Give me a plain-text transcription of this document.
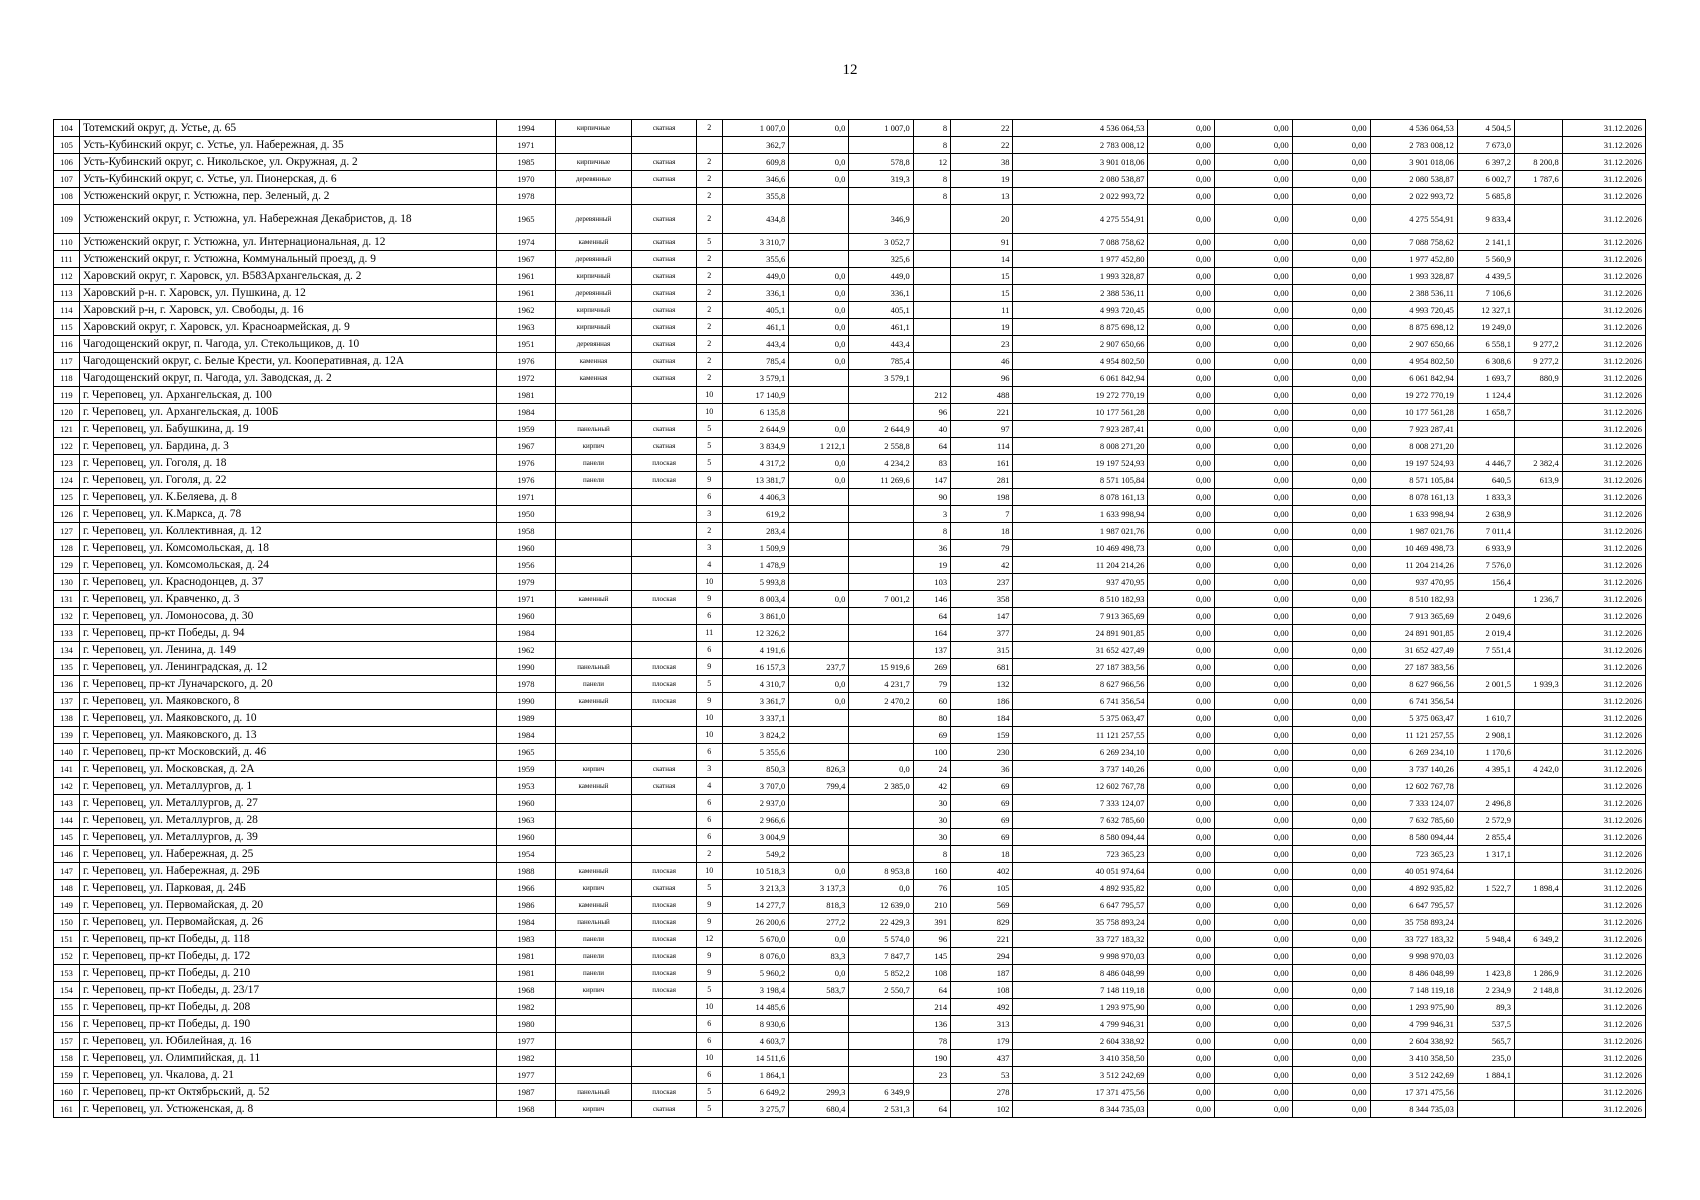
12
104	Тотемский округ, д. Устье, д. 65	1994	кирпичные	скатная	2	1 007,0	0,0	1 007,0	8	22	4 536 064,53	0,00	0,00	0,00	4 536 064,53	4 504,5		31.12.2026
105	Усть-Кубинский округ, с. Устье, ул. Набережная, д. 35	1971				362,7			8	22	2 783 008,12	0,00	0,00	0,00	2 783 008,12	7 673,0		31.12.2026
106	Усть-Кубинский округ, с. Никольское, ул. Окружная, д. 2	1985	кирпичные	скатная	2	609,8	0,0	578,8	12	38	3 901 018,06	0,00	0,00	0,00	3 901 018,06	6 397,2	8 200,8	31.12.2026
107	Усть-Кубинский округ, с. Устье, ул. Пионерская, д. 6	1970	деревянные	скатная	2	346,6	0,0	319,3	8	19	2 080 538,87	0,00	0,00	0,00	2 080 538,87	6 002,7	1 787,6	31.12.2026
108	Устюженский округ, г. Устюжна, пер. Зеленый, д. 2	1978			2	355,8			8	13	2 022 993,72	0,00	0,00	0,00	2 022 993,72	5 685,8		31.12.2026
109	Устюженский округ, г. Устюжна, ул. Набережная Декабристов, д. 18	1965	деревянный	скатная	2	434,8		346,9		20	4 275 554,91	0,00	0,00	0,00	4 275 554,91	9 833,4		31.12.2026
110	Устюженский округ, г. Устюжна, ул. Интернациональная, д. 12	1974	каменный	скатная	5	3 310,7		3 052,7		91	7 088 758,62	0,00	0,00	0,00	7 088 758,62	2 141,1		31.12.2026
111	Устюженский округ, г. Устюжна, Коммунальный проезд, д. 9	1967	деревянный	скатная	2	355,6		325,6		14	1 977 452,80	0,00	0,00	0,00	1 977 452,80	5 560,9		31.12.2026
112	Харовский округ, г. Харовск, ул. В583Архангельская, д. 2	1961	кирпичный	скатная	2	449,0	0,0	449,0		15	1 993 328,87	0,00	0,00	0,00	1 993 328,87	4 439,5		31.12.2026
113	Харовский р-н. г. Харовск, ул. Пушкина, д. 12	1961	деревянный	скатная	2	336,1	0,0	336,1		15	2 388 536,11	0,00	0,00	0,00	2 388 536,11	7 106,6		31.12.2026
114	Харовский р-н, г. Харовск, ул. Свободы, д. 16	1962	кирпичный	скатная	2	405,1	0,0	405,1		11	4 993 720,45	0,00	0,00	0,00	4 993 720,45	12 327,1		31.12.2026
115	Харовский округ, г. Харовск, ул. Красноармейская, д. 9	1963	кирпичный	скатная	2	461,1	0,0	461,1		19	8 875 698,12	0,00	0,00	0,00	8 875 698,12	19 249,0		31.12.2026
116	Чагодощенский округ, п. Чагода, ул. Стекольщиков, д. 10	1951	деревянная	скатная	2	443,4	0,0	443,4		23	2 907 650,66	0,00	0,00	0,00	2 907 650,66	6 558,1	9 277,2	31.12.2026
117	Чагодощенский округ, с. Белые Крести, ул. Кооперативная, д. 12А	1976	каменная	скатная	2	785,4	0,0	785,4		46	4 954 802,50	0,00	0,00	0,00	4 954 802,50	6 308,6	9 277,2	31.12.2026
118	Чагодощенский округ, п. Чагода, ул. Заводская, д. 2	1972	каменная	скатная	2	3 579,1		3 579,1		96	6 061 842,94	0,00	0,00	0,00	6 061 842,94	1 693,7	880,9	31.12.2026
119	г. Череповец, ул. Архангельская, д. 100	1981			10	17 140,9			212	488	19 272 770,19	0,00	0,00	0,00	19 272 770,19	1 124,4		31.12.2026
120	г. Череповец, ул. Архангельская, д. 100Б	1984			10	6 135,8			96	221	10 177 561,28	0,00	0,00	0,00	10 177 561,28	1 658,7		31.12.2026
121	г. Череповец, ул. Бабушкина, д. 19	1959	панельный	скатная	5	2 644,9	0,0	2 644,9	40	97	7 923 287,41	0,00	0,00	0,00	7 923 287,41			31.12.2026
122	г. Череповец, ул. Бардина, д. 3	1967	кирпич	скатная	5	3 834,9	1 212,1	2 558,8	64	114	8 008 271,20	0,00	0,00	0,00	8 008 271,20			31.12.2026
123	г. Череповец, ул. Гоголя, д. 18	1976	панели	плоская	5	4 317,2	0,0	4 234,2	83	161	19 197 524,93	0,00	0,00	0,00	19 197 524,93	4 446,7	2 382,4	31.12.2026
124	г. Череповец, ул. Гоголя, д. 22	1976	панели	плоская	9	13 381,7	0,0	11 269,6	147	281	8 571 105,84	0,00	0,00	0,00	8 571 105,84	640,5	613,9	31.12.2026
125	г. Череповец, ул. К.Беляева, д. 8	1971			6	4 406,3			90	198	8 078 161,13	0,00	0,00	0,00	8 078 161,13	1 833,3		31.12.2026
126	г. Череповец, ул. К.Маркса, д. 78	1950			3	619,2			3	7	1 633 998,94	0,00	0,00	0,00	1 633 998,94	2 638,9		31.12.2026
127	г. Череповец, ул. Коллективная, д. 12	1958			2	283,4			8	18	1 987 021,76	0,00	0,00	0,00	1 987 021,76	7 011,4		31.12.2026
128	г. Череповец, ул. Комсомольская, д. 18	1960			3	1 509,9			36	79	10 469 498,73	0,00	0,00	0,00	10 469 498,73	6 933,9		31.12.2026
129	г. Череповец, ул. Комсомольская, д. 24	1956			4	1 478,9			19	42	11 204 214,26	0,00	0,00	0,00	11 204 214,26	7 576,0		31.12.2026
130	г. Череповец, ул. Краснодонцев, д. 37	1979			10	5 993,8			103	237	937 470,95	0,00	0,00	0,00	937 470,95	156,4		31.12.2026
131	г. Череповец, ул. Кравченко, д. 3	1971	каменный	плоская	9	8 003,4	0,0	7 001,2	146	358	8 510 182,93	0,00	0,00	0,00	8 510 182,93		1 236,7	31.12.2026
132	г. Череповец, ул. Ломоносова, д. 30	1960			6	3 861,0			64	147	7 913 365,69	0,00	0,00	0,00	7 913 365,69	2 049,6		31.12.2026
133	г. Череповец, пр-кт Победы, д. 94	1984			11	12 326,2			164	377	24 891 901,85	0,00	0,00	0,00	24 891 901,85	2 019,4		31.12.2026
134	г. Череповец, ул. Ленина, д. 149	1962			6	4 191,6			137	315	31 652 427,49	0,00	0,00	0,00	31 652 427,49	7 551,4		31.12.2026
135	г. Череповец, ул. Ленинградская, д. 12	1990	панельный	плоская	9	16 157,3	237,7	15 919,6	269	681	27 187 383,56	0,00	0,00	0,00	27 187 383,56			31.12.2026
136	г. Череповец, пр-кт Луначарского, д. 20	1978	панели	плоская	5	4 310,7	0,0	4 231,7	79	132	8 627 966,56	0,00	0,00	0,00	8 627 966,56	2 001,5	1 939,3	31.12.2026
137	г. Череповец, ул. Маяковского, 8	1990	каменный	плоская	9	3 361,7	0,0	2 470,2	60	186	6 741 356,54	0,00	0,00	0,00	6 741 356,54			31.12.2026
138	г. Череповец, ул. Маяковского, д. 10	1989			10	3 337,1			80	184	5 375 063,47	0,00	0,00	0,00	5 375 063,47	1 610,7		31.12.2026
139	г. Череповец, ул. Маяковского, д. 13	1984			10	3 824,2			69	159	11 121 257,55	0,00	0,00	0,00	11 121 257,55	2 908,1		31.12.2026
140	г. Череповец, пр-кт Московский, д. 46	1965			6	5 355,6			100	230	6 269 234,10	0,00	0,00	0,00	6 269 234,10	1 170,6		31.12.2026
141	г. Череповец, ул. Московская, д. 2А	1959	кирпич	скатная	3	850,3	826,3	0,0	24	36	3 737 140,26	0,00	0,00	0,00	3 737 140,26	4 395,1	4 242,0	31.12.2026
142	г. Череповец, ул. Металлургов, д. 1	1953	каменный	скатная	4	3 707,0	799,4	2 385,0	42	69	12 602 767,78	0,00	0,00	0,00	12 602 767,78			31.12.2026
143	г. Череповец, ул. Металлургов, д. 27	1960			6	2 937,0			30	69	7 333 124,07	0,00	0,00	0,00	7 333 124,07	2 496,8		31.12.2026
144	г. Череповец, ул. Металлургов, д. 28	1963			6	2 966,6			30	69	7 632 785,60	0,00	0,00	0,00	7 632 785,60	2 572,9		31.12.2026
145	г. Череповец, ул. Металлургов, д. 39	1960			6	3 004,9			30	69	8 580 094,44	0,00	0,00	0,00	8 580 094,44	2 855,4		31.12.2026
146	г. Череповец, ул. Набережная, д. 25	1954			2	549,2			8	18	723 365,23	0,00	0,00	0,00	723 365,23	1 317,1		31.12.2026
147	г. Череповец, ул. Набережная, д. 29Б	1988	каменный	плоская	10	10 518,3	0,0	8 953,8	160	402	40 051 974,64	0,00	0,00	0,00	40 051 974,64			31.12.2026
148	г. Череповец, ул. Парковая, д. 24Б	1966	кирпич	скатная	5	3 213,3	3 137,3	0,0	76	105	4 892 935,82	0,00	0,00	0,00	4 892 935,82	1 522,7	1 898,4	31.12.2026
149	г. Череповец, ул. Первомайская, д. 20	1986	каменный	плоская	9	14 277,7	818,3	12 639,0	210	569	6 647 795,57	0,00	0,00	0,00	6 647 795,57			31.12.2026
150	г. Череповец, ул. Первомайская, д. 26	1984	панельный	плоская	9	26 200,6	277,2	22 429,3	391	829	35 758 893,24	0,00	0,00	0,00	35 758 893,24			31.12.2026
151	г. Череповец, пр-кт Победы, д. 118	1983	панели	плоская	12	5 670,0	0,0	5 574,0	96	221	33 727 183,32	0,00	0,00	0,00	33 727 183,32	5 948,4	6 349,2	31.12.2026
152	г. Череповец, пр-кт Победы, д. 172	1981	панели	плоская	9	8 076,0	83,3	7 847,7	145	294	9 998 970,03	0,00	0,00	0,00	9 998 970,03			31.12.2026
153	г. Череповец, пр-кт Победы, д. 210	1981	панели	плоская	9	5 960,2	0,0	5 852,2	108	187	8 486 048,99	0,00	0,00	0,00	8 486 048,99	1 423,8	1 286,9	31.12.2026
154	г. Череповец, пр-кт Победы, д. 23/17	1968	кирпич	плоская	5	3 198,4	583,7	2 550,7	64	108	7 148 119,18	0,00	0,00	0,00	7 148 119,18	2 234,9	2 148,8	31.12.2026
155	г. Череповец, пр-кт Победы, д. 208	1982			10	14 485,6			214	492	1 293 975,90	0,00	0,00	0,00	1 293 975,90	89,3		31.12.2026
156	г. Череповец, пр-кт Победы, д. 190	1980			6	8 930,6			136	313	4 799 946,31	0,00	0,00	0,00	4 799 946,31	537,5		31.12.2026
157	г. Череповец, ул. Юбилейная, д. 16	1977			6	4 603,7			78	179	2 604 338,92	0,00	0,00	0,00	2 604 338,92	565,7		31.12.2026
158	г. Череповец, ул. Олимпийская, д. 11	1982			10	14 511,6			190	437	3 410 358,50	0,00	0,00	0,00	3 410 358,50	235,0		31.12.2026
159	г. Череповец, ул. Чкалова, д. 21	1977			6	1 864,1			23	53	3 512 242,69	0,00	0,00	0,00	3 512 242,69	1 884,1		31.12.2026
160	г. Череповец, пр-кт Октябрьский, д. 52	1987	панельный	плоская	5	6 649,2	299,3	6 349,9		278	17 371 475,56	0,00	0,00	0,00	17 371 475,56			31.12.2026
161	г. Череповец, ул. Устюженская, д. 8	1968	кирпич	скатная	5	3 275,7	680,4	2 531,3	64	102	8 344 735,03	0,00	0,00	0,00	8 344 735,03			31.12.2026
